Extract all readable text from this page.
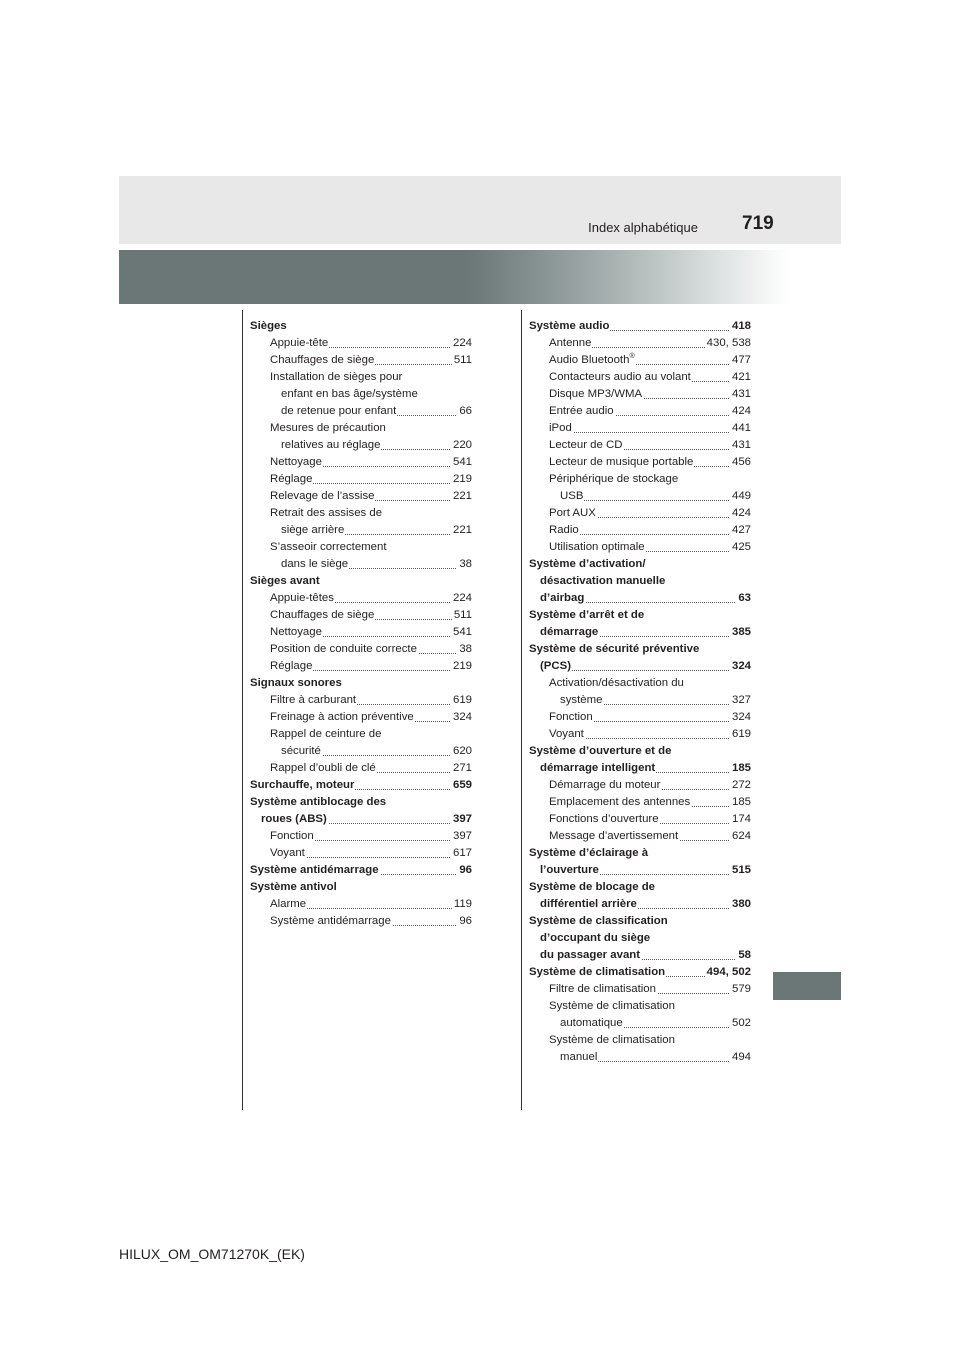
Index alphabétique 719
Sièges
Appuie-tête	224
Chauffages de siège	511
Installation de sièges pour
enfant en bas âge/système
de retenue pour enfant	66
Mesures de précaution
relatives au réglage	220
Nettoyage	541
Réglage	219
Relevage de l’assise	221
Retrait des assises de
siège arrière	221
S’asseoir correctement
dans le siège	38
Sièges avant
Appuie-têtes	224
Chauffages de siège	511
Nettoyage	541
Position de conduite correcte	38
Réglage	219
Signaux sonores
Filtre à carburant	619
Freinage à action préventive	324
Rappel de ceinture de
sécurité	620
Rappel d’oubli de clé	271
Surchauffe, moteur	659
Système antiblocage des
roues (ABS)	397
Fonction	397
Voyant	617
Système antidémarrage	96
Système antivol
Alarme	119
Système antidémarrage	96
Système audio	418
Antenne	430, 538
Audio Bluetooth®	477
Contacteurs audio au volant	421
Disque MP3/WMA	431
Entrée audio	424
iPod	441
Lecteur de CD	431
Lecteur de musique portable	456
Périphérique de stockage
USB	449
Port AUX	424
Radio	427
Utilisation optimale	425
Système d’activation/
désactivation manuelle
d’airbag	63
Système d’arrêt et de
démarrage	385
Système de sécurité préventive
(PCS)	324
Activation/désactivation du
système	327
Fonction	324
Voyant	619
Système d’ouverture et de
démarrage intelligent	185
Démarrage du moteur	272
Emplacement des antennes	185
Fonctions d’ouverture	174
Message d’avertissement	624
Système d’éclairage à
l’ouverture	515
Système de blocage de
différentiel arrière	380
Système de classification
d’occupant du siège
du passager avant	58
Système de climatisation	494, 502
Filtre de climatisation	579
Système de climatisation
automatique	502
Système de climatisation
manuel	494
HILUX_OM_OM71270K_(EK)
